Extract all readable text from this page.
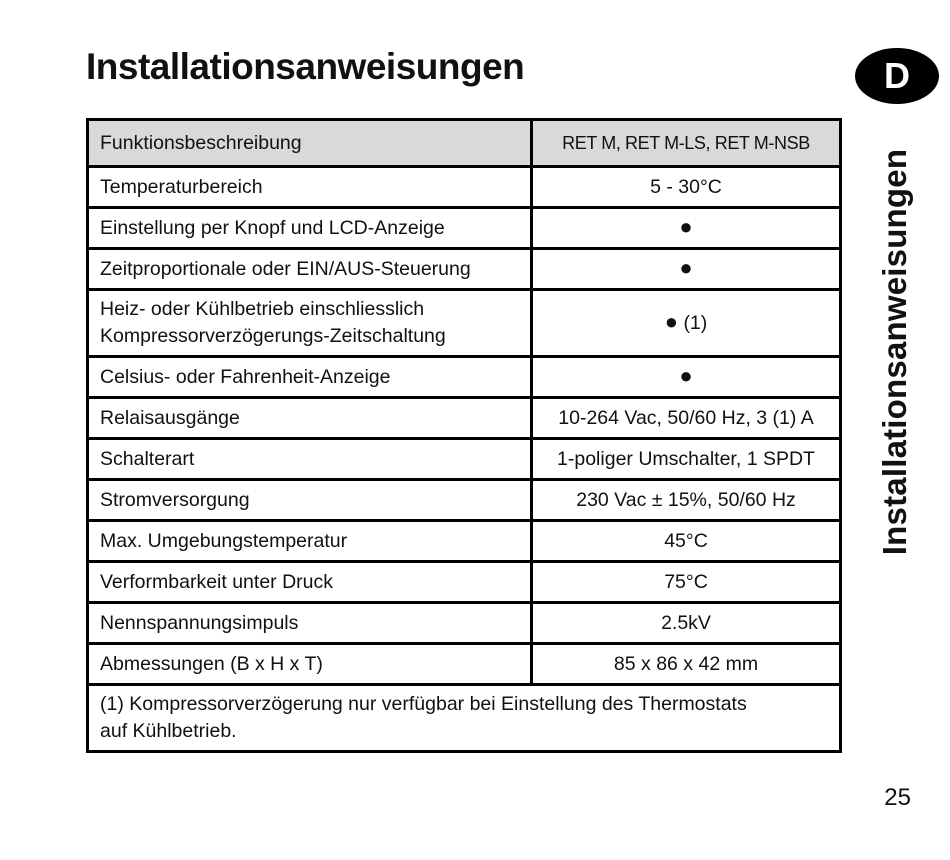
Installationsanweisungen	D
Installationsanweisungen
Funktionsbeschreibung	RET M, RET M-LS, RET M-NSB
Temperaturbereich	5 - 30°C
Einstellung per Knopf und LCD-Anzeige	●
Zeitproportionale oder EIN/AUS-Steuerung	●
Heiz- oder Kühlbetrieb einschliesslich
Kompressorverzögerungs-Zeitschaltung	● (1)
Celsius- oder Fahrenheit-Anzeige	●
Relaisausgänge	10-264 Vac, 50/60 Hz, 3 (1) A
Schalterart	1-poliger Umschalter, 1 SPDT
Stromversorgung	230 Vac ± 15%, 50/60 Hz
Max. Umgebungstemperatur	45°C
Verformbarkeit unter Druck	75°C
Nennspannungsimpuls	2.5kV
Abmessungen (B x H x T)	85 x 86 x 42 mm
(1) Kompressorverzögerung nur verfügbar bei Einstellung des Thermostats
auf Kühlbetrieb.	
25
